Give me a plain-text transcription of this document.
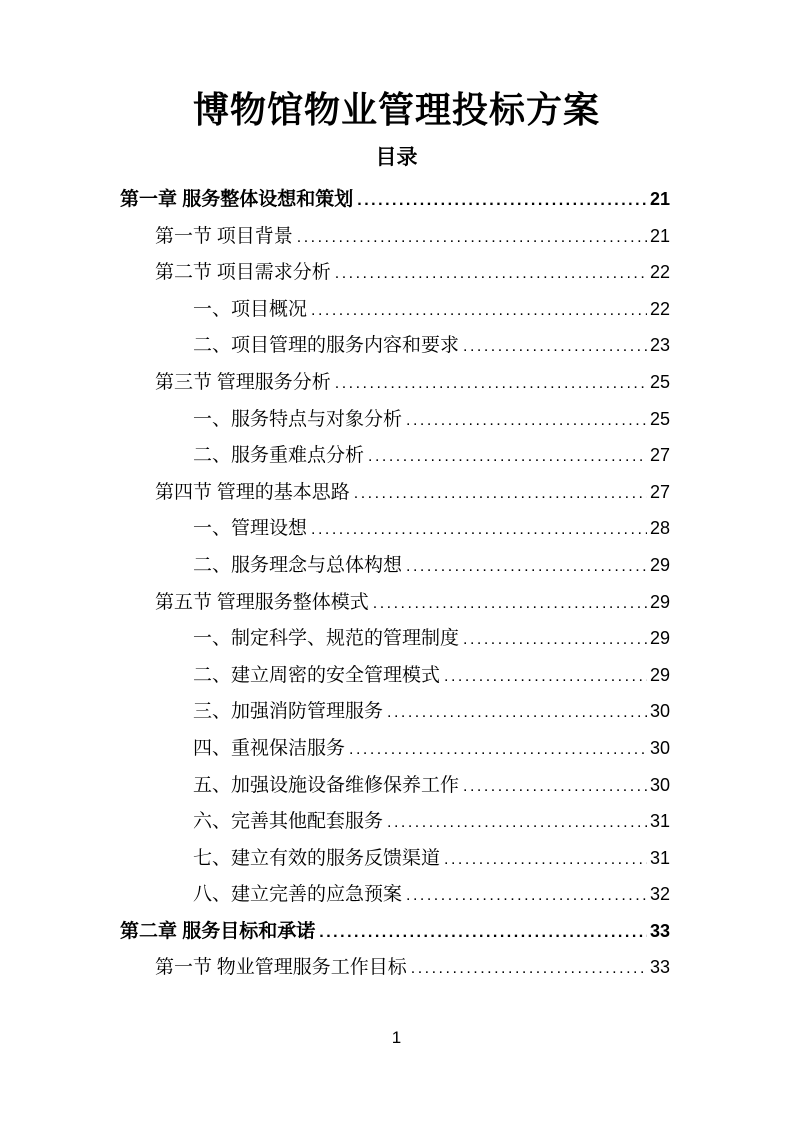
博物馆物业管理投标方案
目录
第一章 服务整体设想和策划 .....	21
第一节 项目背景 .....	21
第二节 项目需求分析 .....	22
一、项目概况 .....	22
二、项目管理的服务内容和要求 .....	23
第三节 管理服务分析 .....	25
一、服务特点与对象分析 .....	25
二、服务重难点分析 .....	27
第四节 管理的基本思路 .....	27
一、管理设想 .....	28
二、服务理念与总体构想 .....	29
第五节 管理服务整体模式 .....	29
一、制定科学、规范的管理制度 .....	29
二、建立周密的安全管理模式 .....	29
三、加强消防管理服务 .....	30
四、重视保洁服务 .....	30
五、加强设施设备维修保养工作 .....	30
六、完善其他配套服务 .....	31
七、建立有效的服务反馈渠道 .....	31
八、建立完善的应急预案 .....	32
第二章 服务目标和承诺 .....	33
第一节 物业管理服务工作目标 .....	33
1
